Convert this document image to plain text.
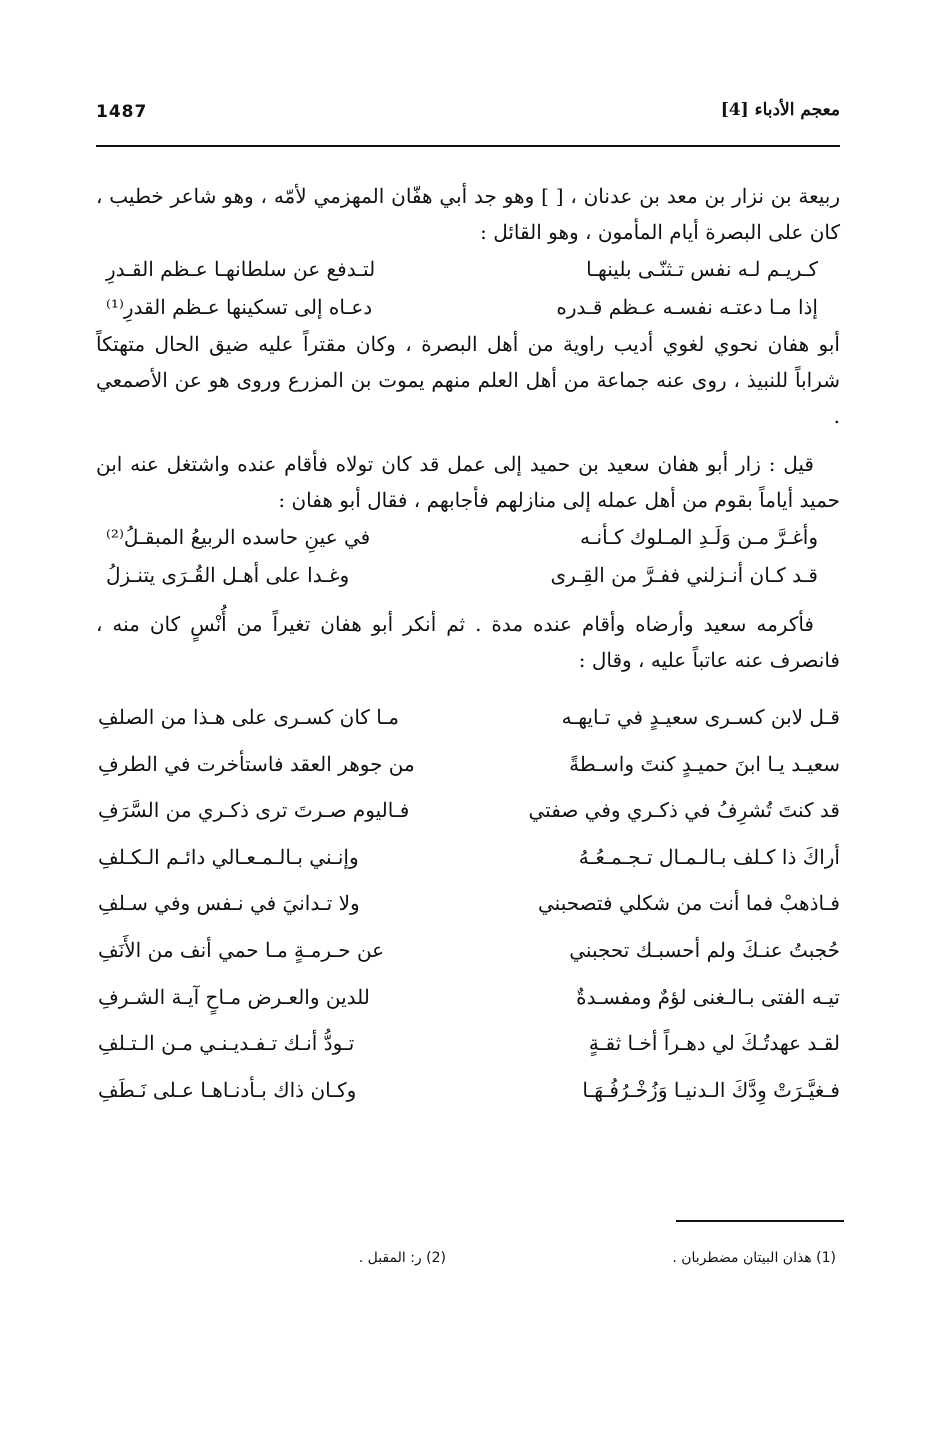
1487	معجم الأدباء [4]

ربيعة بن نزار بن معد بن عدنان ، [ ] وهو جد أبي هفّان المهزمي لأمّه ، وهو شاعر خطيب ، كان على البصرة أيام المأمون ، وهو القائل :

كـريـم لـه نفس تـثنّـى بلينهـا
لتـدفع عن سلطانهـا عـظم القـدرِ
إذا مـا دعتـه نفسـه عـظم قـدره
دعـاه إلى تسكينها عـظم القدرِ⁽¹⁾

أبو هفان نحوي لغوي أديب راوية من أهل البصرة ، وكان مقتراً عليه ضيق الحال متهتكاً شراباً للنبيذ ، روى عنه جماعة من أهل العلم منهم يموت بن المزرع وروى هو عن الأصمعي .

قيل : زار أبو هفان سعيد بن حميد إلى عمل قد كان تولاه فأقام عنده واشتغل عنه ابن حميد أياماً بقوم من أهل عمله إلى منازلهم فأجابهم ، فقال أبو هفان :

وأغـرَّ مـن وَلَـدِ المـلوك كـأنـه
في عينِ حاسده الربيعُ المبقـلُ⁽²⁾
قـد كـان أنـزلني ففـرَّ من القِـرى
وغـدا على أهـل القُـرَى يتنـزلُ

فأكرمه سعيد وأرضاه وأقام عنده مدة . ثم أنكر أبو هفان تغيراً من أُنْسٍ كان منه ، فانصرف عنه عاتباً عليه ، وقال :

قـل لابن كسـرى سعيـدٍ في تـايهـه
مـا كان كسـرى على هـذا من الصلفِ
سعيـد يـا ابنَ حميـدٍ كنتَ واسـطةً
من جوهر العقد فاستأخرت في الطرفِ
قد كنتَ تُشرِفُ في ذكـري وفي صفتي
فـاليوم صـرتَ ترى ذكـري من السَّرَفِ
أراكَ ذا كـلف بـالـمـال تـجـمـعُـهُ
وإنـني بـالـمـعـالي دائـم الـكـلفِ
فـاذهبْ فما أنت من شكلي فتصحبني
ولا تـدانيَ في نـفس وفي سـلفِ
حُجبتُ عنـكَ ولم أحسبـك تحجبني
عن حـرمـةٍ مـا حمي أنف من الأَنَفِ
تيـه الفتى بـالـغنى لؤمٌ ومفسـدةٌ
للدين والعـرض مـاحٍ آيـة الشـرفِ
لقـد عهدتُـكَ لي دهـراً أخـا ثقـةٍ
تـودُّ أنـك تـفـديـنـي مـن الـتـلفِ
فـغيَّـرَتْ وِدَّكَ الـدنيـا وَزُخْـرُفُـهَـا
وكـان ذاك بـأدنـاهـا عـلى نَـطَفِ
(1) هذان البيتان مضطربان .
(2) ر: المقبل .
